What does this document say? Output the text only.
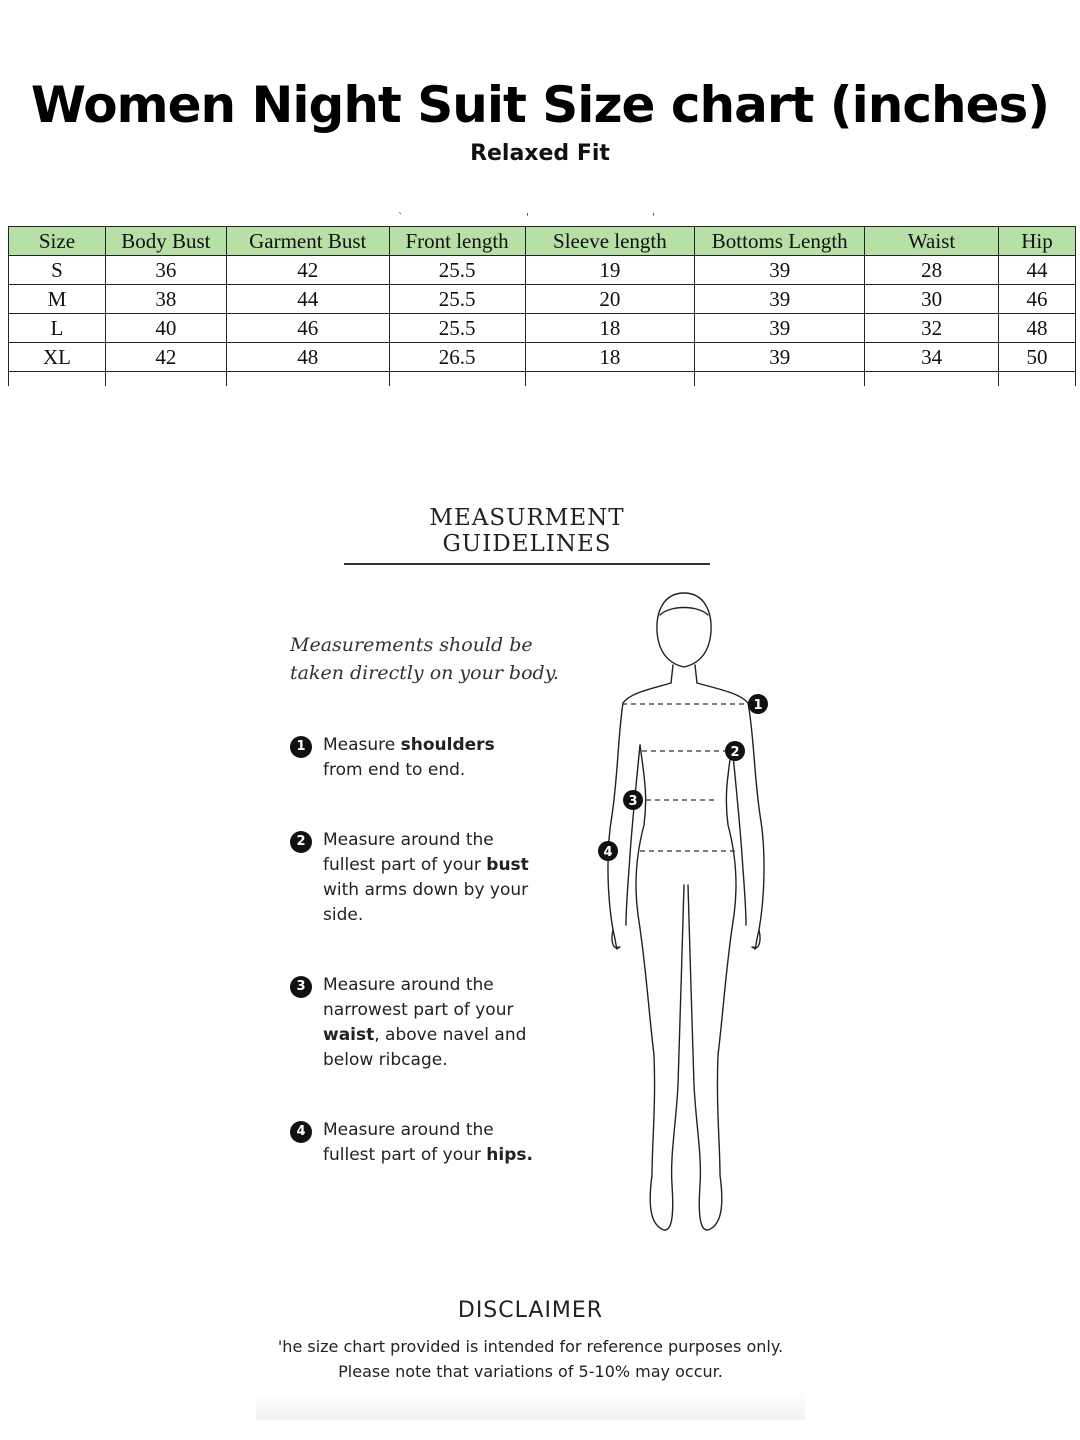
Women Night Suit Size chart (inches)
Relaxed Fit
` ' '
Size	Body Bust	Garment Bust	Front length	Sleeve length	Bottoms Length	Waist	Hip
S	36	42	25.5	19	39	28	44
M	38	44	25.5	20	39	30	46
L	40	46	25.5	18	39	32	48
XL	42	48	26.5	18	39	34	50

MEASURMENT GUIDELINES
Measurements should be
taken directly on your body.
1	Measure shoulders
from end to end.
2	Measure around the fullest part of your bust with arms down by your side.
3	Measure around the narrowest part of your waist, above navel and below ribcage.
4	Measure around the fullest part of your hips.
1
2
3
4
DISCLAIMER
'he size chart provided is intended for reference purposes only.
Please note that variations of 5-10% may occur.
